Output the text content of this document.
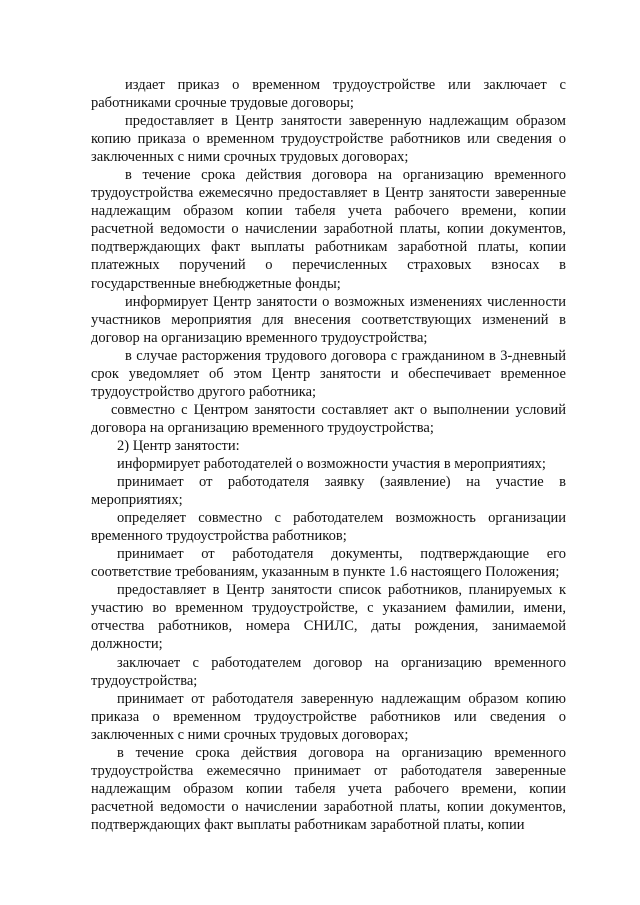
издает приказ о временном трудоустройстве или заключает с работниками срочные трудовые договоры;

предоставляет в Центр занятости заверенную надлежащим образом копию приказа о временном трудоустройстве работников или сведения о заключенных с ними срочных трудовых договорах;

в течение срока действия договора на организацию временного трудоустройства ежемесячно предоставляет в Центр занятости заверенные надлежащим образом копии табеля учета рабочего времени, копии расчетной ведомости о начислении заработной платы, копии документов, подтверждающих факт выплаты работникам заработной платы, копии платежных поручений о перечисленных страховых взносах в государственные внебюджетные фонды;

информирует Центр занятости о возможных изменениях численности участников мероприятия для внесения соответствующих изменений в договор на организацию временного трудоустройства;

в случае расторжения трудового договора с гражданином в 3-дневный срок уведомляет об этом Центр занятости и обеспечивает временное трудоустройство другого работника;

совместно с Центром занятости составляет акт о выполнении условий договора на организацию временного трудоустройства;

2) Центр занятости:

информирует работодателей о возможности участия в мероприятиях;

принимает от работодателя заявку (заявление) на участие в мероприятиях;

определяет совместно с работодателем возможность организации временного трудоустройства работников;

принимает от работодателя документы, подтверждающие его соответствие требованиям, указанным в пункте 1.6 настоящего Положения;

предоставляет в Центр занятости список работников, планируемых к участию во временном трудоустройстве, с указанием фамилии, имени, отчества работников, номера СНИЛС, даты рождения, занимаемой должности;

заключает с работодателем договор на организацию временного трудоустройства;

принимает от работодателя заверенную надлежащим образом копию приказа о временном трудоустройстве работников или сведения о заключенных с ними срочных трудовых договорах;

в течение срока действия договора на организацию временного трудоустройства ежемесячно принимает от работодателя заверенные надлежащим образом копии табеля учета рабочего времени, копии расчетной ведомости о начислении заработной платы, копии документов, подтверждающих факт выплаты работникам заработной платы, копии
